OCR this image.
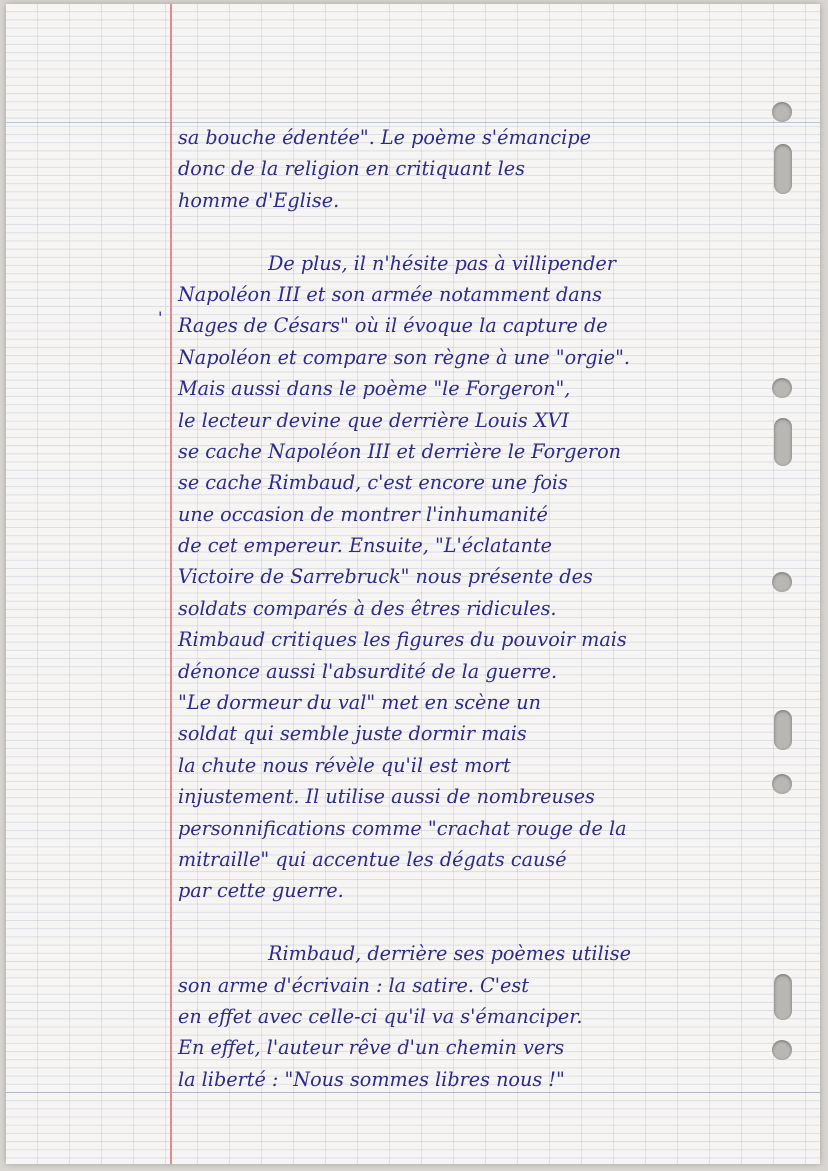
'
sa bouche édentée". Le poème s'émancipe
donc de la religion en critiquant les
homme d'Eglise.
De plus, il n'hésite pas à villipender
Napoléon III et son armée notamment dans
Rages de Césars" où il évoque la capture de
Napoléon et compare son règne à une "orgie".
Mais aussi dans le poème "le Forgeron",
le lecteur devine que derrière Louis XVI
se cache Napoléon III et derrière le Forgeron
se cache Rimbaud, c'est encore une fois
une occasion de montrer l'inhumanité
de cet empereur. Ensuite, "L'éclatante
Victoire de Sarrebruck" nous présente des
soldats comparés à des êtres ridicules.
Rimbaud critiques les figures du pouvoir mais
dénonce aussi l'absurdité de la guerre.
"Le dormeur du val" met en scène un
soldat qui semble juste dormir mais
la chute nous révèle qu'il est mort
injustement. Il utilise aussi de nombreuses
personnifications comme "crachat rouge de la
mitraille" qui accentue les dégats causé
par cette guerre.
Rimbaud, derrière ses poèmes utilise
son arme d'écrivain : la satire. C'est
en effet avec celle-ci qu'il va s'émanciper.
En effet, l'auteur rêve d'un chemin vers
la liberté : "Nous sommes libres nous !"
